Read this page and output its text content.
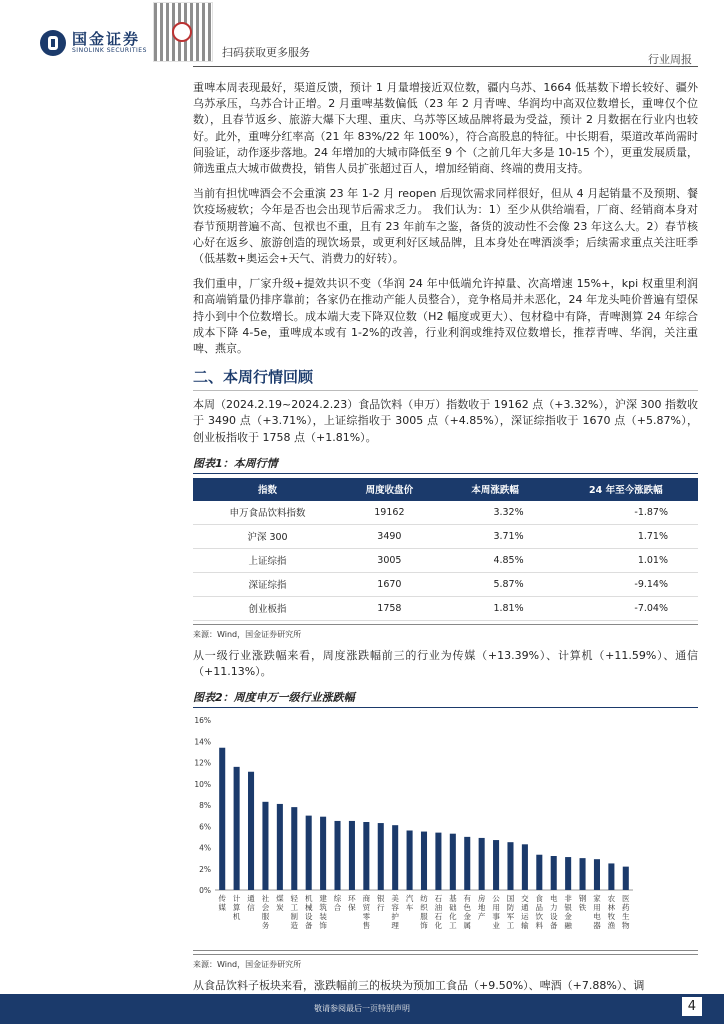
国金证券
SINOLINK SECURITIES	扫码获取更多服务
行业周报

重啤本周表现最好，渠道反馈，预计 1 月量增接近双位数，疆内乌苏、1664 低基数下增长较好、疆外乌苏承压，乌苏合计正增。2 月重啤基数偏低（23 年 2 月青啤、华润均中高双位数增长，重啤仅个位数），且春节返乡、旅游大爆下大理、重庆、乌苏等区域品牌将最为受益，预计 2 月数据在行业内也较好。此外，重啤分红率高（21 年 83%/22 年 100%），符合高股息的特征。中长期看，渠道改革尚需时间验证，动作逐步落地。24 年增加的大城市降低至 9 个（之前几年大多是 10-15 个），更重发展质量，筛选重点大城市做费投，销售人员扩张超过百人，增加经销商、终端的费用支持。

当前有担忧啤酒会不会重演 23 年 1-2 月 reopen 后现饮需求同样很好，但从 4 月起销量不及预期、餐饮疫场疲软；今年是否也会出现节后需求乏力。 我们认为：1）至少从供给端看，厂商、经销商本身对春节预期普遍不高、包袱也不重，且有 23 年前车之鉴，备货的波动性不会像 23 年这么大。2）春节核心好在返乡、旅游创造的现饮场景，或更利好区域品牌，且本身处在啤酒淡季；后续需求重点关注旺季（低基数+奥运会+天气、消费力的好转）。

我们重申，厂家升级+提效共识不变（华润 24 年中低端允许掉量、次高增速 15%+，kpi 权重里利润和高端销量仍排序靠前；各家仍在推动产能人员整合），竞争格局并未恶化，24 年龙头吨价普遍有望保持小到中个位数增长。成本端大麦下降双位数（H2 幅度或更大）、包材稳中有降，青啤测算 24 年综合成本下降 4-5e，重啤成本或有 1-2%的改善，行业利润或维持双位数增长，推荐青啤、华润，关注重啤、燕京。

二、本周行情回顾

本周（2024.2.19~2024.2.23）食品饮料（申万）指数收于 19162 点（+3.32%），沪深 300 指数收于 3490 点（+3.71%），上证综指收于 3005 点（+4.85%），深证综指收于 1670 点（+5.87%），创业板指收于 1758 点（+1.81%）。

图表1：本周行情
指数	周度收盘价	本周涨跌幅	24 年至今涨跌幅
申万食品饮料指数	19162	3.32%	-1.87%
沪深 300	3490	3.71%	1.71%
上证综指	3005	4.85%	1.01%
深证综指	1670	5.87%	-9.14%
创业板指	1758	1.81%	-7.04%
来源：Wind，国金证券研究所

从一级行业涨跌幅来看，周度涨跌幅前三的行业为传媒（+13.39%）、计算机（+11.59%）、通信（+11.13%）。

图表2：周度申万一级行业涨跌幅
0%
2%
4%
6%
8%
10%
12%
14%
16%
传媒
计算机
通信
社会服务
煤炭
轻工制造
机械设备
建筑装饰
综合
环保
商贸零售
银行
美容护理
汽车
纺织服饰
石油石化
基础化工
有色金属
房地产
公用事业
国防军工
交通运输
食品饮料
电力设备
非银金融
钢铁
家用电器
农林牧渔
医药生物
来源：Wind，国金证券研究所

从食品饮料子板块来看，涨跌幅前三的板块为预加工食品（+9.50%）、啤酒（+7.88%）、调

敬请参阅最后一页特别声明	4
